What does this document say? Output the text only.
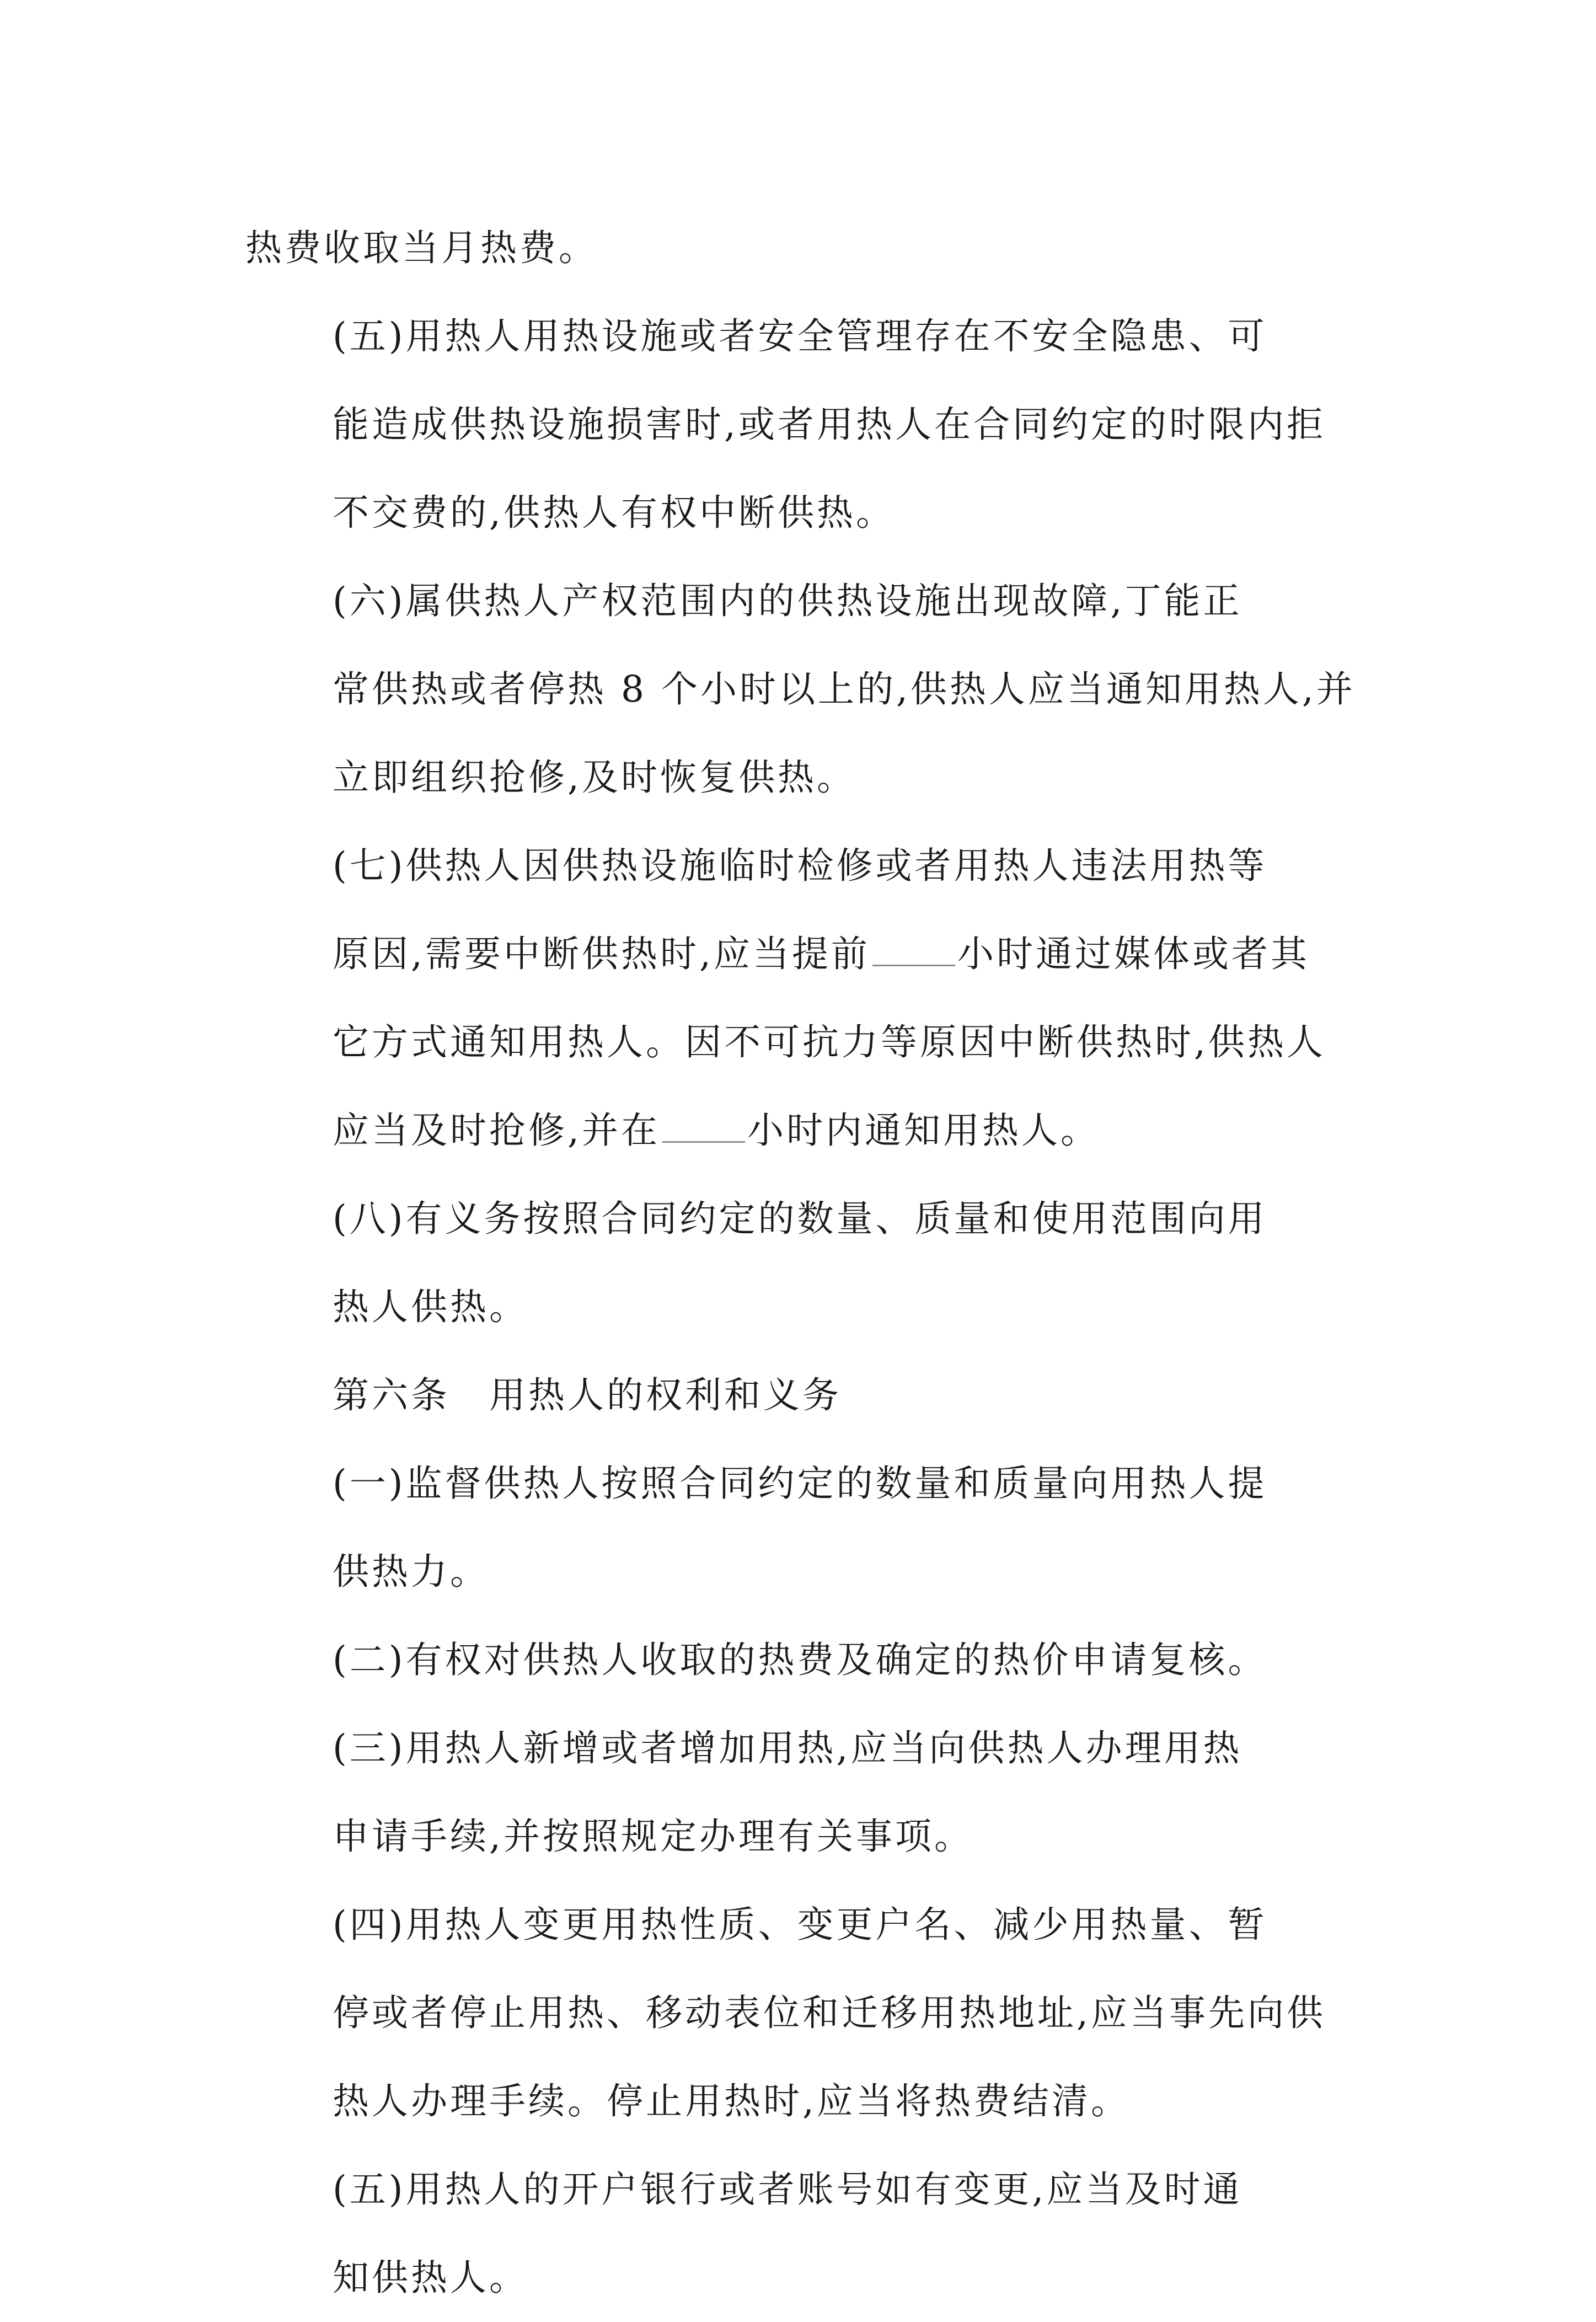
热费收取当月热费。

(五)用热人用热设施或者安全管理存在不安全隐患、可
能造成供热设施损害时,或者用热人在合同约定的时限内拒
不交费的,供热人有权中断供热。

(六)属供热人产权范围内的供热设施出现故障,丁能正
常供热或者停热 8 个小时以上的,供热人应当通知用热人,并
立即组织抢修,及时恢复供热。

(七)供热人因供热设施临时检修或者用热人违法用热等
原因,需要中断供热时,应当提前 小时通过媒体或者其
它方式通知用热人。因不可抗力等原因中断供热时,供热人
应当及时抢修,并在 小时内通知用热人。

(八)有义务按照合同约定的数量、质量和使用范围向用
热人供热。

第六条　用热人的权利和义务

(一)监督供热人按照合同约定的数量和质量向用热人提
供热力。

(二)有权对供热人收取的热费及确定的热价申请复核。

(三)用热人新增或者增加用热,应当向供热人办理用热
申请手续,并按照规定办理有关事项。

(四)用热人变更用热性质、变更户名、减少用热量、暂
停或者停止用热、移动表位和迁移用热地址,应当事先向供
热人办理手续。停止用热时,应当将热费结清。

(五)用热人的开户银行或者账号如有变更,应当及时通
知供热人。
